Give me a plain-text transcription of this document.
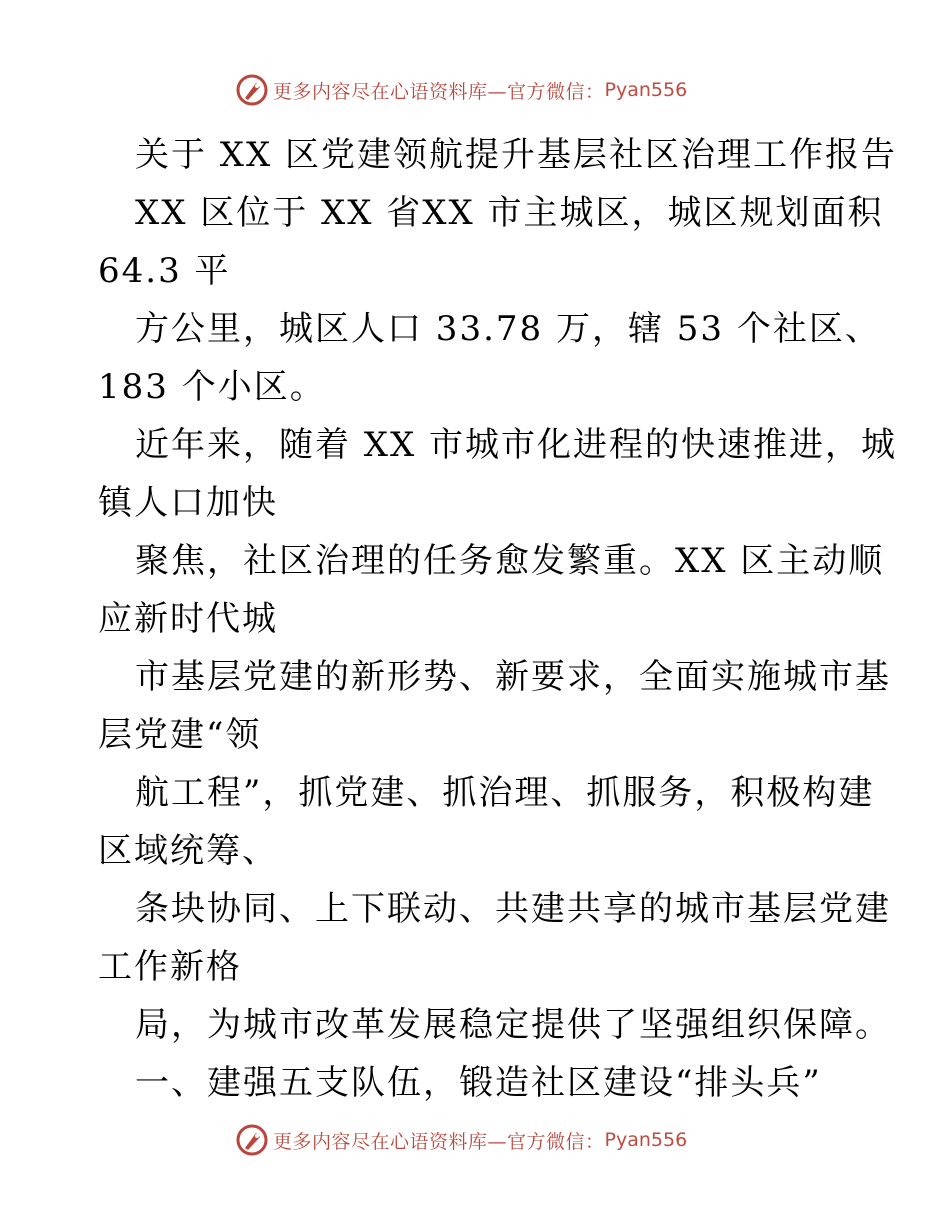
更多内容尽在心语资料库—官方微信： Pyan556
关于 XX 区党建领航提升基层社区治理工作报告
XX 区位于 XX 省XX 市主城区，城区规划面积
64.3 平
方公里，城区人口 33.78 万，辖 53 个社区、
183 个小区。
近年来，随着 XX 市城市化进程的快速推进，城
镇人口加快
聚焦，社区治理的任务愈发繁重。XX 区主动顺
应新时代城
市基层党建的新形势、新要求，全面实施城市基
层党建“领
航工程”，抓党建、抓治理、抓服务，积极构建
区域统筹、
条块协同、上下联动、共建共享的城市基层党建
工作新格
局，为城市改革发展稳定提供了坚强组织保障。
一、建强五支队伍，锻造社区建设“排头兵”
更多内容尽在心语资料库—官方微信： Pyan556
